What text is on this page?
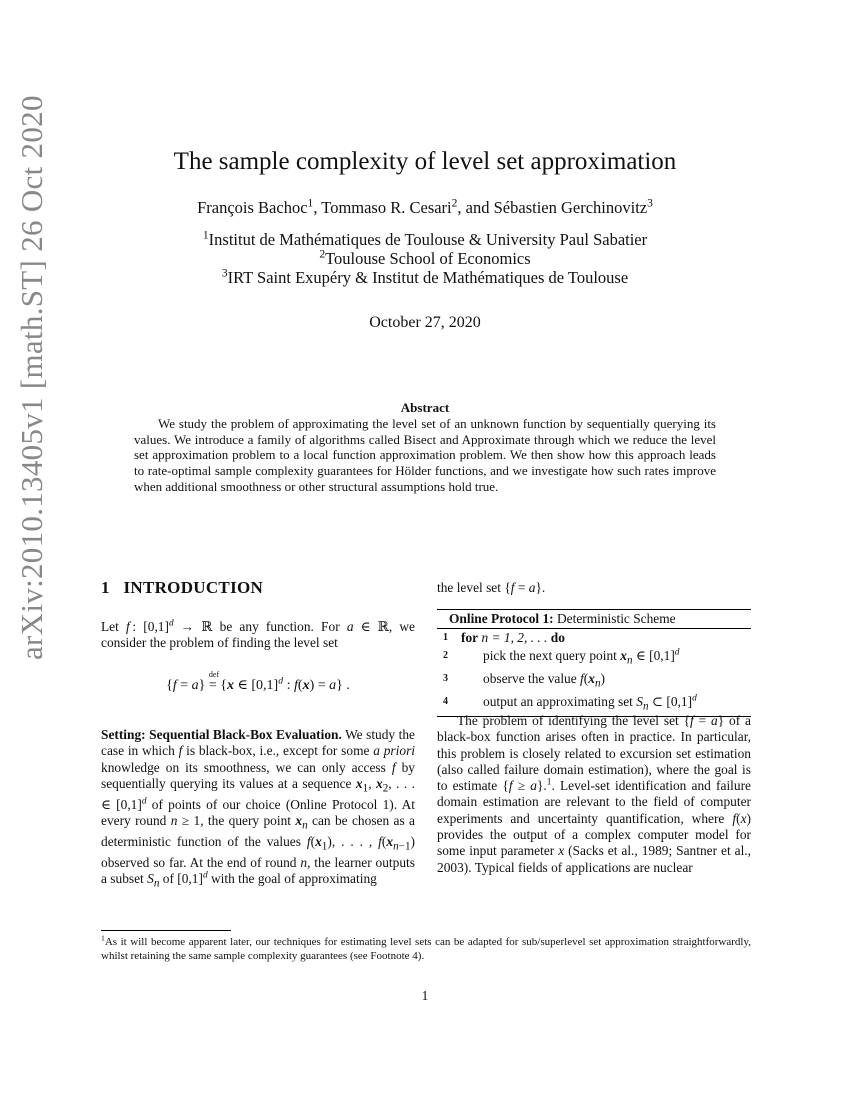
arXiv:2010.13405v1 [math.ST] 26 Oct 2020	The sample complexity of level set approximation
François Bachoc$^1$, Tommaso R. Cesari$^2$, and Sébastien Gerchinovitz$^3$
$^1$Institut de Mathématiques de Toulouse & University Paul Sabatier
$^2$Toulouse School of Economics
$^3$IRT Saint Exupéry & Institut de Mathématiques de Toulouse
October 27, 2020
Abstract
We study the problem of approximating the level set of an unknown function by sequentially querying its values. We introduce a family of algorithms called Bisect and Approximate through which we reduce the level set approximation problem to a local function approximation problem. We then show how this approach leads to rate-optimal sample complexity guarantees for Hölder functions, and we investigate how such rates improve when additional smoothness or other structural assumptions hold true.
1 INTRODUCTION
Let f : $[0,1]^d$ → ℝ be any function. For a ∈ ℝ, we consider the problem of finding the level set
{f = a}
def
= {x ∈ $[0,1]^d$ : f(x) = a} .
Setting: Sequential Black-Box Evaluation. We study the case in which f is black-box, i.e., except for some a priori knowledge on its smoothness, we can only access f by sequentially querying its values at a sequence $x_1$, $x_2$, . . . ∈ $[0,1]^d$ of points of our choice (Online Protocol 1). At every round n ≥ 1, the query point $x_n$ can be chosen as a deterministic function of the values $f(x_1)$, . . . , $f(x_{n-1})$ observed so far. At the end of round n, the learner outputs a subset $S_n$ of $[0,1]^d$ with the goal of approximating
the level set {f = a}.
Online Protocol 1: Deterministic Scheme
1 for n = 1, 2, . . . do
2	pick the next query point $x_n$ ∈ $[0,1]^d$
3	observe the value $f(x_n)$
4	output an approximating set $S_n$ ⊂ $[0,1]^d$
The problem of identifying the level set {f = a} of a black-box function arises often in practice. In particular, this problem is closely related to excursion set estimation (also called failure domain estimation), where the goal is to estimate {f ≥ a}.$^1$. Level-set identification and failure domain estimation are relevant to the field of computer experiments and uncertainty quantification, where f(x) provides the output of a complex computer model for some input parameter x (Sacks et al., 1989; Santner et al., 2003). Typical fields of applications are nuclear
$^1$As it will become apparent later, our techniques for estimating level sets can be adapted for sub/superlevel set approximation straightforwardly, whilst retaining the same sample complexity guarantees (see Footnote 4).
1
